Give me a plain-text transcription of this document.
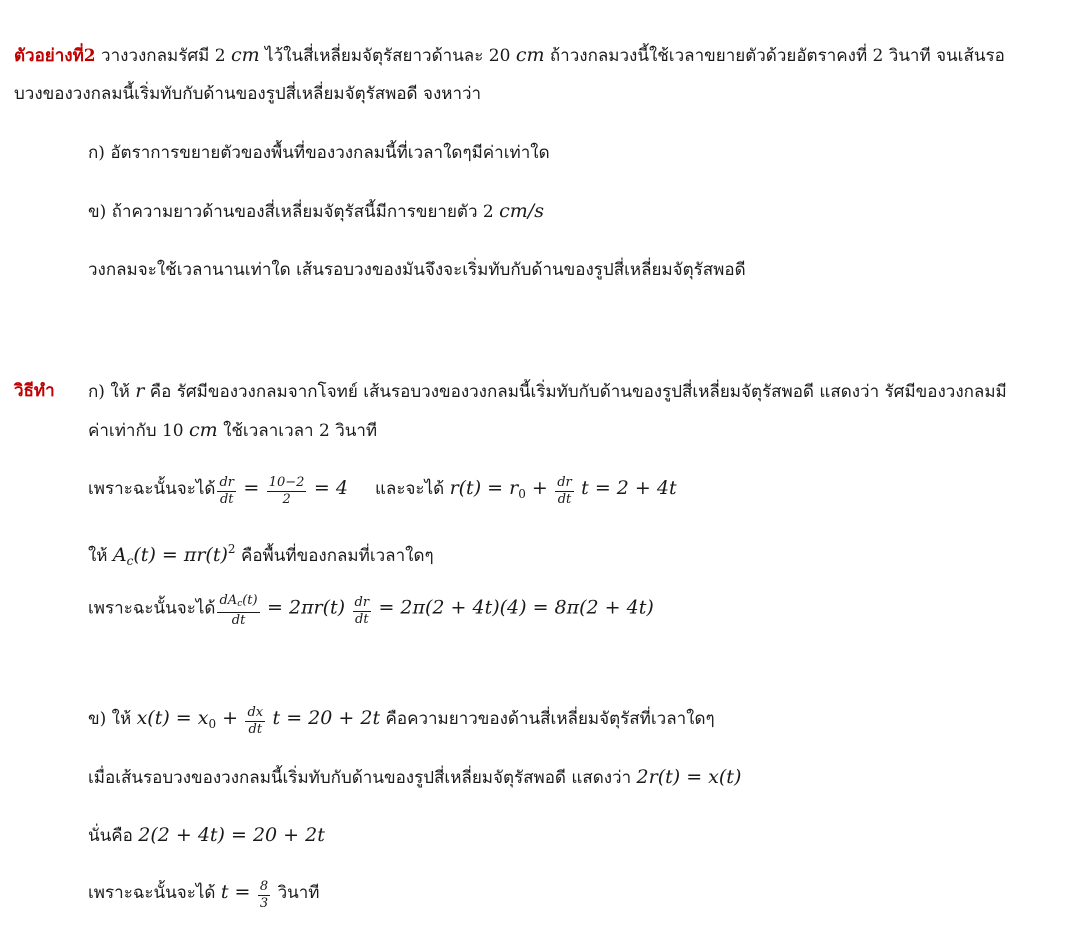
ตัวอย่างที่2 วางวงกลมรัศมี 2 cm ไว้ในสี่เหลี่ยมจัตุรัสยาวด้านละ 20 cm ถ้าวงกลมวงนี้ใช้เวลาขยายตัวด้วยอัตราคงที่ 2 วินาที จนเส้นรอ
บวงของวงกลมนี้เริ่มทับกับด้านของรูปสี่เหลี่ยมจัตุรัสพอดี จงหาว่า
ก) อัตราการขยายตัวของพื้นที่ของวงกลมนี้ที่เวลาใดๆมีค่าเท่าใด
ข) ถ้าความยาวด้านของสี่เหลี่ยมจัตุรัสนี้มีการขยายตัว 2 cm/s
วงกลมจะใช้เวลานานเท่าใด เส้นรอบวงของมันจึงจะเริ่มทับกับด้านของรูปสี่เหลี่ยมจัตุรัสพอดี
วิธีทำ ก) ให้ r คือ รัศมีของวงกลมจากโจทย์ เส้นรอบวงของวงกลมนี้เริ่มทับกับด้านของรูปสี่เหลี่ยมจัตุรัสพอดี แสดงว่า รัศมีของวงกลมมี
ค่าเท่ากับ 10 cm ใช้เวลาเวลา 2 วินาที
เพราะฉะนั้นจะได้ $\frac{dr}{dt} = \frac{10-2}{2} = 4$ และจะได้ $r(t) = r_0 + \frac{dr}{dt}$ t = 2 + 4t
ให้ $A_c(t) = \pi r(t)^2$ คือพื้นที่ของกลมที่เวลาใดๆ
เพราะฉะนั้นจะได้ $\frac{dA_c(t)}{dt} = 2\pi r(t) \frac{dr}{dt} = 2\pi(2 + 4t)(4) = 8\pi(2 + 4t)$
ข) ให้ $x(t) = x_0 + \frac{dx}{dt}$ t = 20 + 2t คือความยาวของด้านสี่เหลี่ยมจัตุรัสที่เวลาใดๆ
เมื่อเส้นรอบวงของวงกลมนี้เริ่มทับกับด้านของรูปสี่เหลี่ยมจัตุรัสพอดี แสดงว่า 2r(t) = x(t)
นั่นคือ 2(2 + 4t) = 20 + 2t
เพราะฉะนั้นจะได้ $t = \frac{8}{3}$ วินาที
